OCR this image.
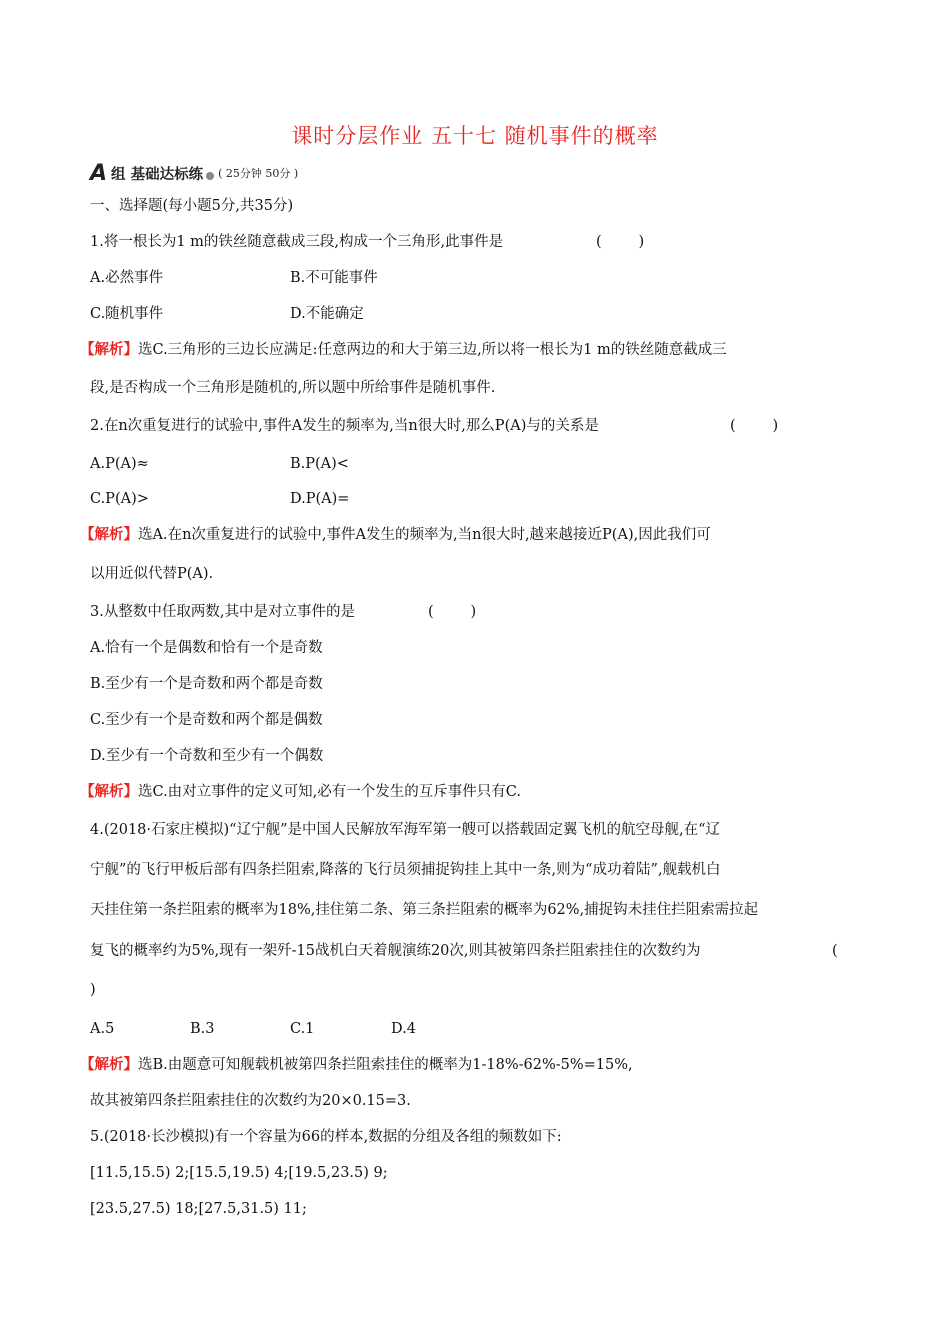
课时分层作业 五十七 随机事件的概率
A 组 基础达标练 ( 25分钟 50分 )
一、选择题(每小题5分,共35分)
1.将一根长为1 m的铁丝随意截成三段,构成一个三角形,此事件是	(        )
A.必然事件	B.不可能事件
C.随机事件	D.不能确定
【解析】选C.三角形的三边长应满足:任意两边的和大于第三边,所以将一根长为1 m的铁丝随意截成三
段,是否构成一个三角形是随机的,所以题中所给事件是随机事件.
2.在n次重复进行的试验中,事件A发生的频率为,当n很大时,那么P(A)与的关系是	(        )
A.P(A)≈	B.P(A)<
C.P(A)>	D.P(A)=
【解析】选A.在n次重复进行的试验中,事件A发生的频率为,当n很大时,越来越接近P(A),因此我们可
以用近似代替P(A).
3.从整数中任取两数,其中是对立事件的是	(        )
A.恰有一个是偶数和恰有一个是奇数
B.至少有一个是奇数和两个都是奇数
C.至少有一个是奇数和两个都是偶数
D.至少有一个奇数和至少有一个偶数
【解析】选C.由对立事件的定义可知,必有一个发生的互斥事件只有C.
4.(2018·石家庄模拟)“辽宁舰”是中国人民解放军海军第一艘可以搭载固定翼飞机的航空母舰,在“辽
宁舰”的飞行甲板后部有四条拦阻索,降落的飞行员须捕捉钩挂上其中一条,则为“成功着陆”,舰载机白
天挂住第一条拦阻索的概率为18%,挂住第二条、第三条拦阻索的概率为62%,捕捉钩未挂住拦阻索需拉起
复飞的概率约为5%,现有一架歼-15战机白天着舰演练20次,则其被第四条拦阻索挂住的次数约为	(
)
A.5	B.3	C.1	D.4
【解析】选B.由题意可知舰载机被第四条拦阻索挂住的概率为1-18%-62%-5%=15%,
故其被第四条拦阻索挂住的次数约为20×0.15=3.
5.(2018·长沙模拟)有一个容量为66的样本,数据的分组及各组的频数如下:
[11.5,15.5) 2;[15.5,19.5) 4;[19.5,23.5) 9;
[23.5,27.5) 18;[27.5,31.5) 11;
